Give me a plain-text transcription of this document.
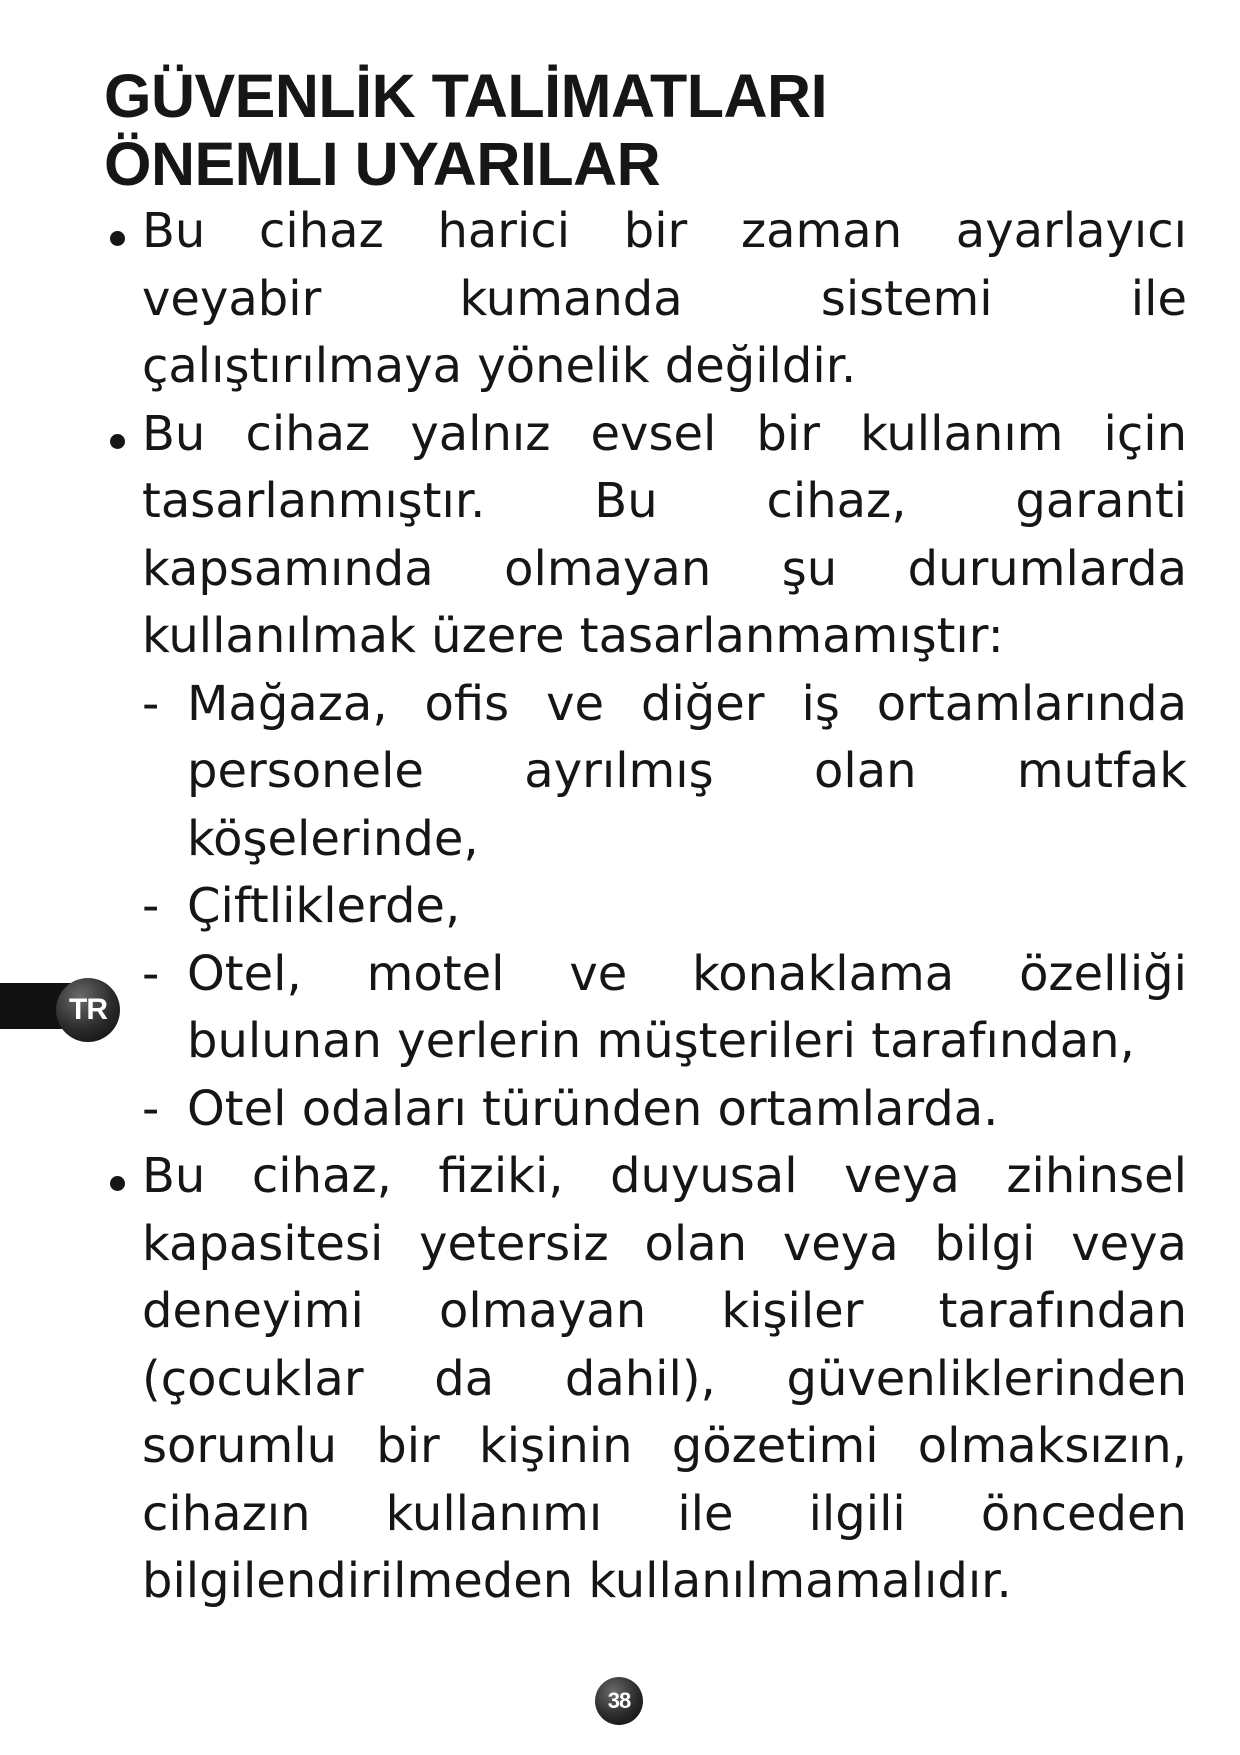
GÜVENLİK TALİMATLARI
ÖNEMLI UYARILAR
Bu cihaz harici bir zaman ayarlayıcı
veyabir	kumanda	sistemi	ile
çalıştırılmaya yönelik değildir.
Bu cihaz yalnız evsel bir kullanım için
tasarlanmıştır. Bu cihaz, garanti
kapsamında olmayan şu durumlarda
kullanılmak üzere tasarlanmamıştır:
- Mağaza, ofis ve diğer iş ortamlarında
personele ayrılmış olan mutfak
köşelerinde,
- Çiftliklerde,
- Otel, motel ve konaklama özelliği
bulunan yerlerin müşterileri tarafından,
- Otel odaları türünden ortamlarda.
Bu cihaz, fiziki, duyusal veya zihinsel
kapasitesi yetersiz olan veya bilgi veya
deneyimi olmayan kişiler tarafından
(çocuklar da dahil), güvenliklerinden
sorumlu bir kişinin gözetimi olmaksızın,
cihazın kullanımı ile ilgili önceden
bilgilendirilmeden kullanılmamalıdır.
TR
38
